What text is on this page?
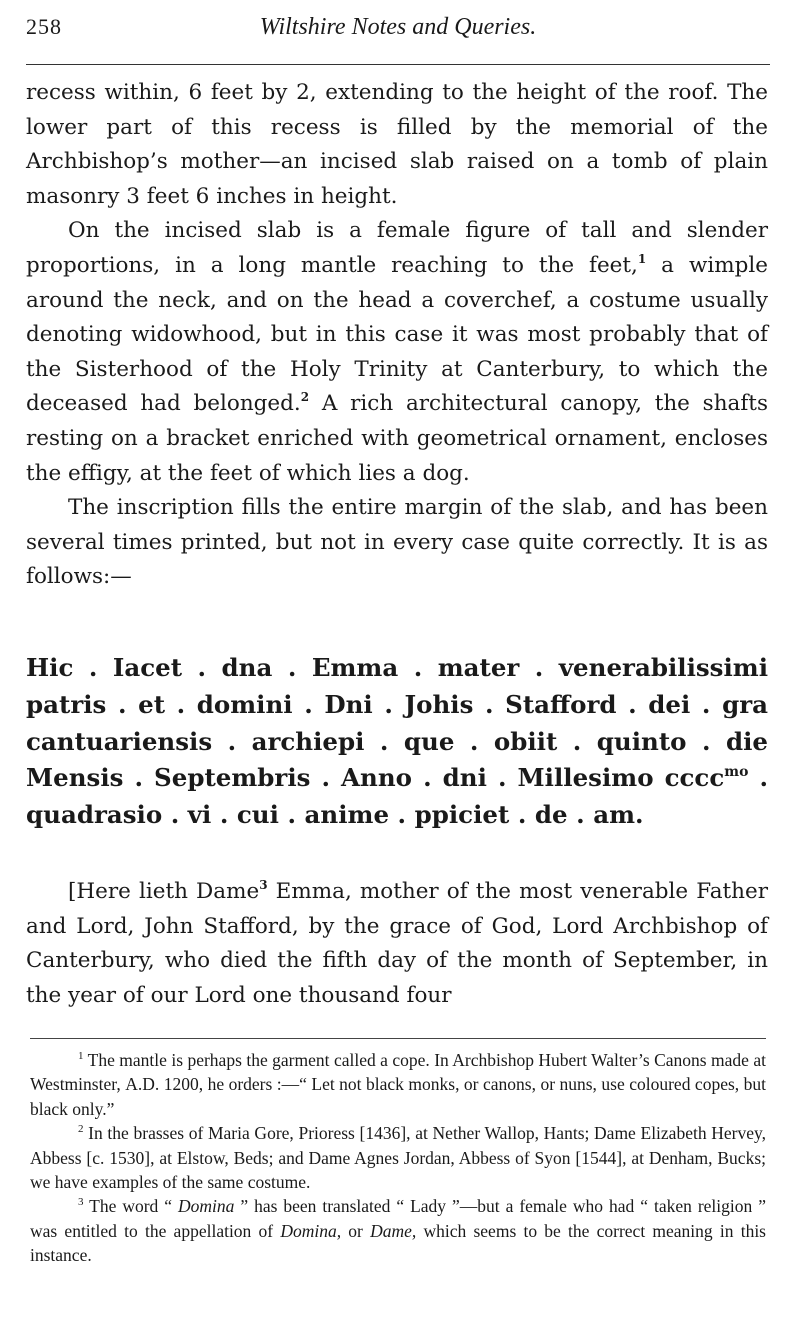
258	Wiltshire Notes and Queries.

recess within, 6 feet by 2, extending to the height of the roof. The lower part of this recess is filled by the memorial of the Archbishop’s mother—an incised slab raised on a tomb of plain masonry 3 feet 6 inches in height.

On the incised slab is a female figure of tall and slender proportions, in a long mantle reaching to the feet,$^1$ a wimple around the neck, and on the head a coverchef, a costume usually denoting widowhood, but in this case it was most probably that of the Sisterhood of the Holy Trinity at Canterbury, to which the deceased had belonged.$^2$ A rich architectural canopy, the shafts resting on a bracket enriched with geometrical ornament, encloses the effigy, at the feet of which lies a dog.

The inscription fills the entire margin of the slab, and has been several times printed, but not in every case quite correctly. It is as follows:—

Hic . Iacet . dna . Emma . mater . venerabilissimi patris . et . domini . Dni . Johis . Stafford . dei . gra cantuariensis . archiepi . que . obiit . quinto . die Mensis . Septembris . Anno . dni . Millesimo cccc$^{mo}$ . quadrasio . vi . cui . anime . ppiciet . de . am.

[Here lieth Dame$^3$ Emma, mother of the most venerable Father and Lord, John Stafford, by the grace of God, Lord Archbishop of Canterbury, who died the fifth day of the month of September, in the year of our Lord one thousand four

$^1$ The mantle is perhaps the garment called a cope. In Archbishop Hubert Walter’s Canons made at Westminster, A.D. 1200, he orders :—“ Let not black monks, or canons, or nuns, use coloured copes, but black only.”

$^2$ In the brasses of Maria Gore, Prioress [1436], at Nether Wallop, Hants; Dame Elizabeth Hervey, Abbess [c. 1530], at Elstow, Beds; and Dame Agnes Jordan, Abbess of Syon [1544], at Denham, Bucks; we have examples of the same costume.

$^3$ The word “ Domina ” has been translated “ Lady ”—but a female who had “ taken religion ” was entitled to the appellation of Domina, or Dame, which seems to be the correct meaning in this instance.
